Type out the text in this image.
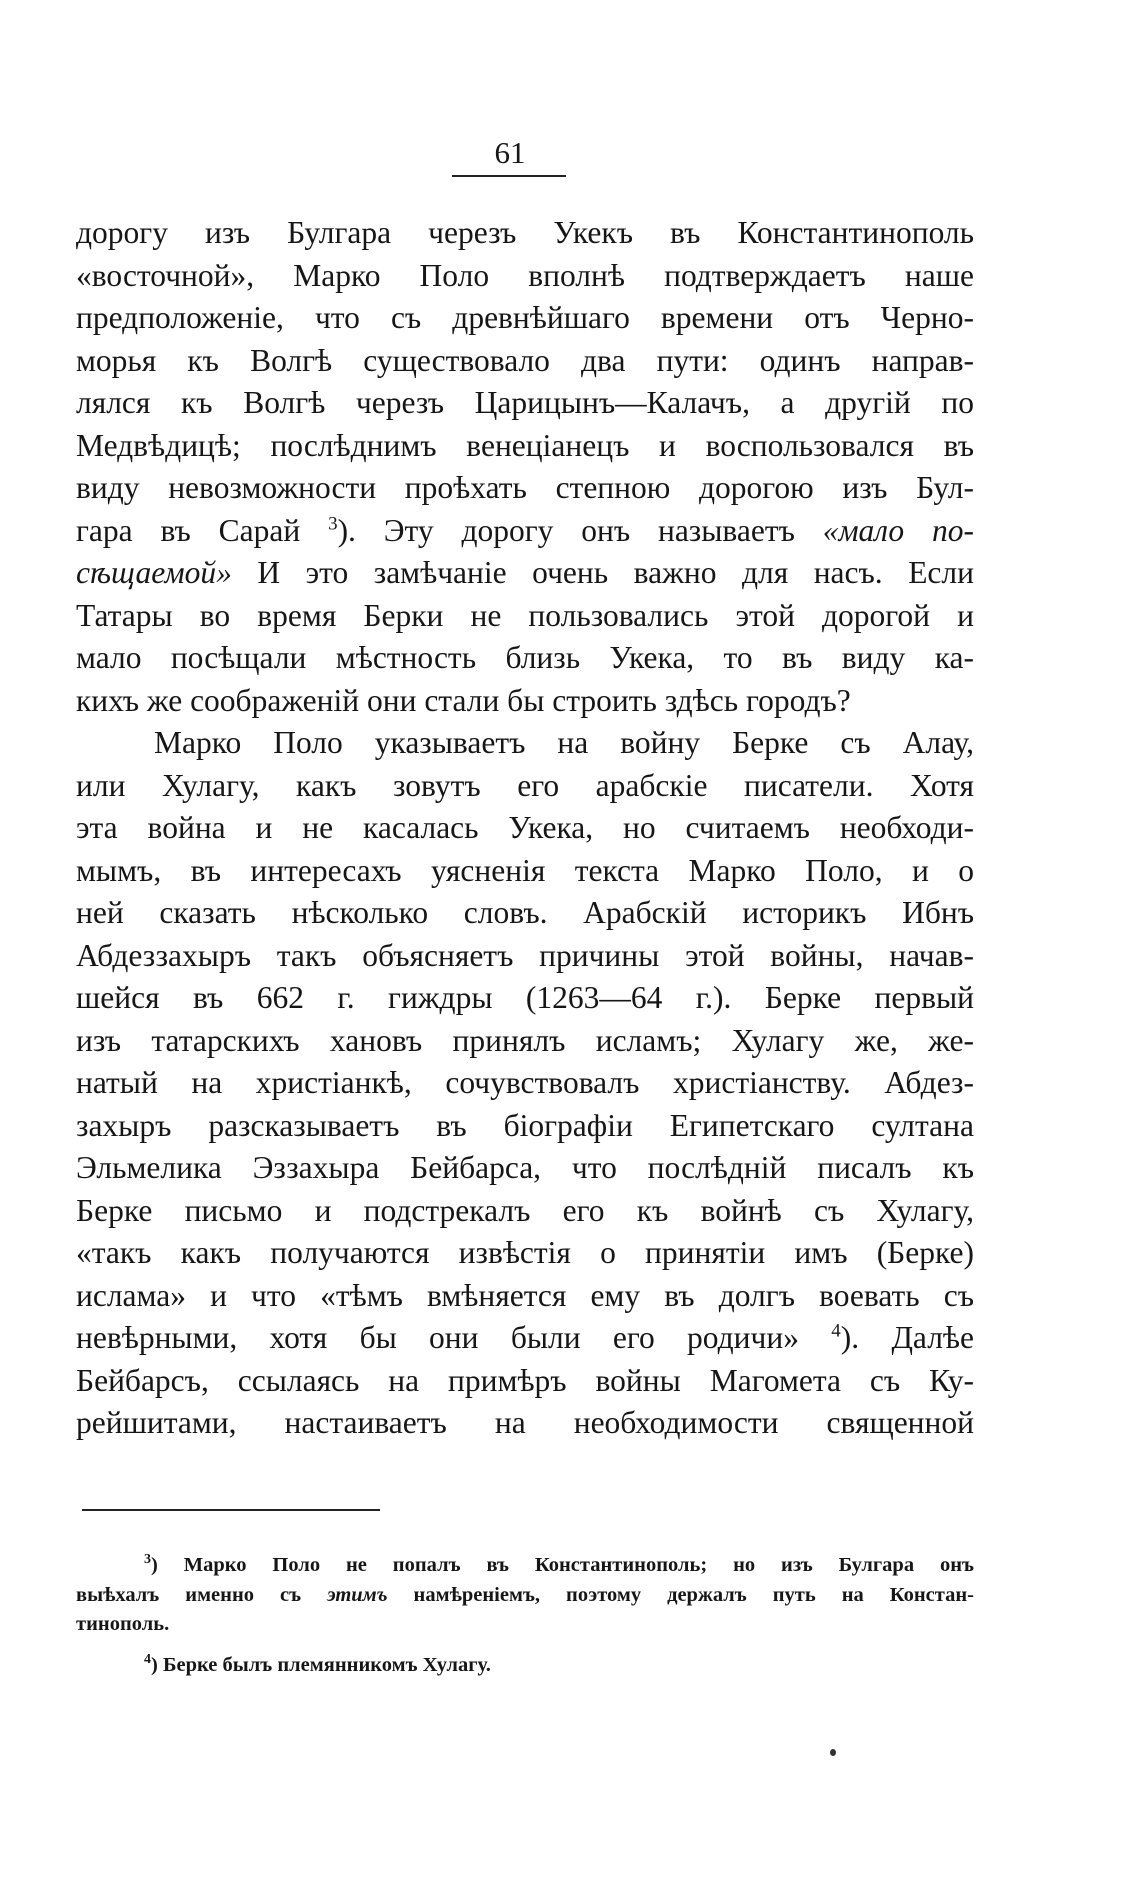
61
дорогу изъ Булгара черезъ Укекъ въ Константинополь
«восточной», Марко Поло вполнѣ подтверждаетъ наше
предположеніе, что съ древнѣйшаго времени отъ Черно-
морья къ Волгѣ существовало два пути: одинъ направ-
лялся къ Волгѣ черезъ Царицынъ—Калачъ, а другій по
Медвѣдицѣ; послѣднимъ венеціанецъ и воспользовался въ
виду невозможности проѣхать степною дорогою изъ Бул-
гара въ Сарай $^3$). Эту дорогу онъ называетъ «мало по-
сѣщаемой» И это замѣчаніе очень важно для насъ. Если
Татары во время Берки не пользовались этой дорогой и
мало посѣщали мѣстность близь Укека, то въ виду ка-
кихъ же соображеній они стали бы строить здѣсь городъ?
Марко Поло указываетъ на войну Берке съ Алау,
или Хулагу, какъ зовутъ его арабскіе писатели. Хотя
эта война и не касалась Укека, но считаемъ необходи-
мымъ, въ интересахъ уясненія текста Марко Поло, и о
ней сказать нѣсколько словъ. Арабскій историкъ Ибнъ
Абдеззахыръ такъ объясняетъ причины этой войны, начав-
шейся въ 662 г. гиждры (1263—64 г.). Берке первый
изъ татарскихъ хановъ принялъ исламъ; Хулагу же, же-
натый на христіанкѣ, сочувствовалъ христіанству. Абдез-
захыръ разсказываетъ въ біографіи Египетскаго султана
Эльмелика Эззахыра Бейбарса, что послѣдній писалъ къ
Берке письмо и подстрекалъ его къ войнѣ съ Хулагу,
«такъ какъ получаются извѣстія о принятіи имъ (Берке)
ислама» и что «тѣмъ вмѣняется ему въ долгъ воевать съ
невѣрными, хотя бы они были его родичи» $^4$). Далѣе
Бейбарсъ, ссылаясь на примѣръ войны Магомета съ Ку-
рейшитами, настаиваетъ на необходимости священной
$^3$) Марко Поло не попалъ въ Константинополь; но изъ Булгара онъ
выѣхалъ именно съ этимъ намѣреніемъ, поэтому держалъ путь на Констан-
тинополь.
$^4$) Берке былъ племянникомъ Хулагу.
